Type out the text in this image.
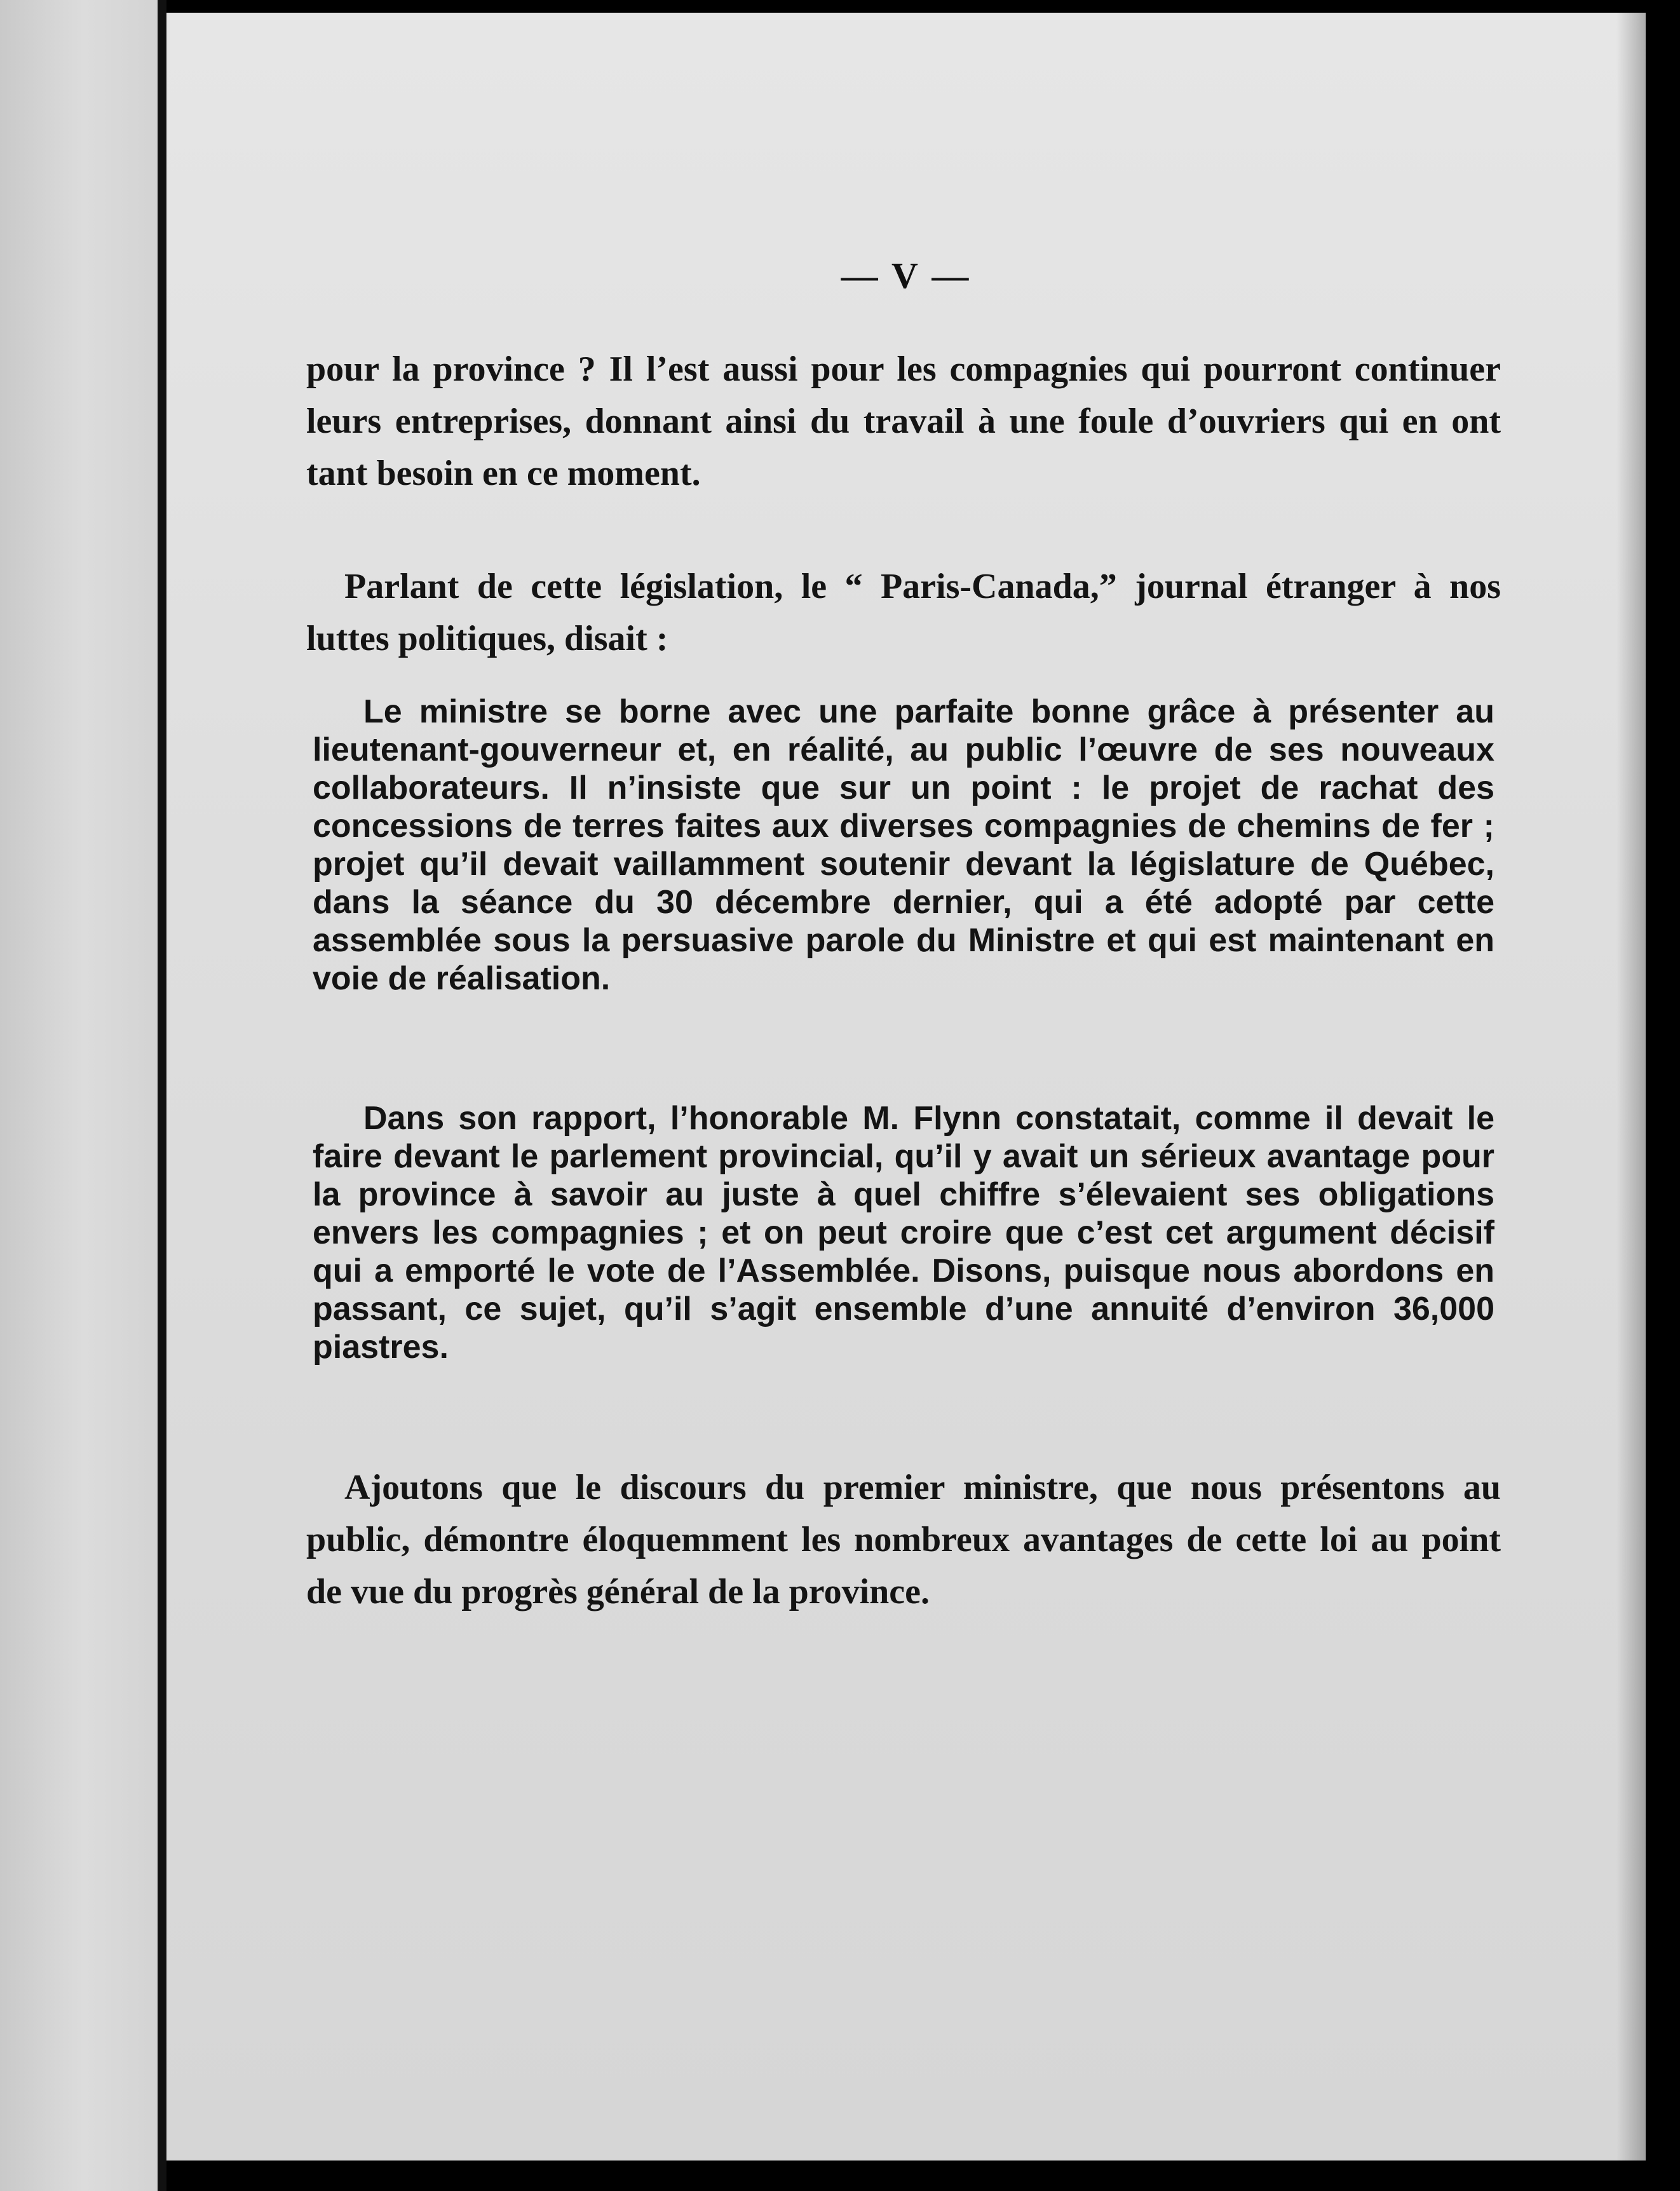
— V —

pour la province ? Il l’est aussi pour les compagnies qui pourront continuer leurs entreprises, donnant ainsi du travail à une foule d’ouvriers qui en ont tant besoin en ce moment.

Parlant de cette législation, le “ Paris-Canada,” journal étranger à nos luttes politiques, disait :

Le ministre se borne avec une parfaite bonne grâce à présenter au lieutenant-gouverneur et, en réalité, au public l’œuvre de ses nouveaux collaborateurs. Il n’insiste que sur un point : le projet de rachat des concessions de terres faites aux diverses compagnies de chemins de fer ; projet qu’il devait vaillamment soutenir devant la législature de Québec, dans la séance du 30 décembre dernier, qui a été adopté par cette assemblée sous la persuasive parole du Ministre et qui est maintenant en voie de réalisation.

Dans son rapport, l’honorable M. Flynn constatait, comme il devait le faire devant le parlement provincial, qu’il y avait un sérieux avantage pour la province à savoir au juste à quel chiffre s’élevaient ses obligations envers les compagnies ; et on peut croire que c’est cet argument décisif qui a emporté le vote de l’Assemblée. Disons, puisque nous abordons en passant, ce sujet, qu’il s’agit ensemble d’une annuité d’environ 36,000 piastres.

Ajoutons que le discours du premier ministre, que nous présentons au public, démontre éloquemment les nombreux avantages de cette loi au point de vue du progrès général de la province.
